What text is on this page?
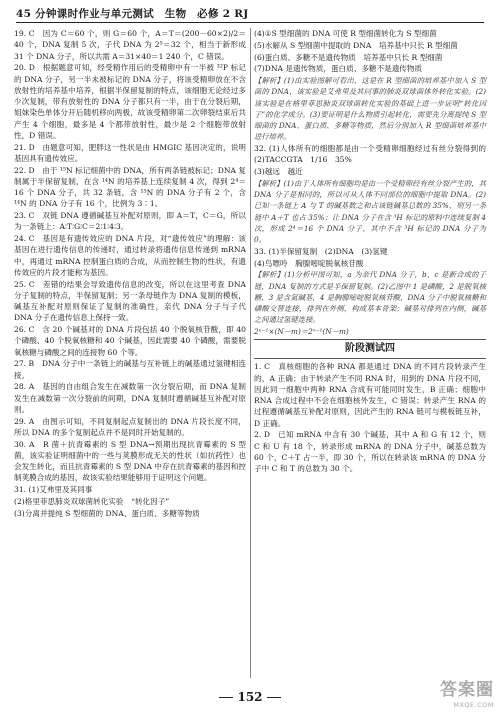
45 分钟课时作业与单元测试　生物　必修 2 RJ

19. C　因为 C＝60 个，则 G＝60 个，A＝T＝(200－60×2)/2＝40 个，DNA 复制 5 次，子代 DNA 为 2⁵＝32 个，相当于新形成 31 个 DNA 分子，所以共需 A＝31×40＝1 240 个，C 错误。

20. D　根据题意可知，经受精作用后的受精卵中有一半被 ³²P 标记的 DNA 分子，另一半未被标记的 DNA 分子，将该受精卵放在不含放射性的培养基中培养，根据半保留复制的特点，该细胞无论经过多少次复制，带有放射性的 DNA 分子都只有一半，由于在分裂后期，姐妹染色单体分开后随机移向两极，故该受精卵第二次卵裂结束后共产生 4 个细胞，最多是 4 个都带放射性，最少是 2 个细胞带放射性，D 错误。

21. D　由题意可知，肥胖这一性状是由 HMGIC 基因决定的，说明基因具有遗传效应。

22. D　由于 ¹⁵N 标记细菌中的 DNA，所有两条链被标记；DNA 复制属于半保留复制，在含 ¹⁴N 的培养基上连续复制 4 次，得到 2⁴＝16 个 DNA 分子，共 32 条链，含 ¹⁵N 的 DNA 分子有 2 个，含 ¹⁴N 的 DNA 分子有 16 个，比例为 3∶1。

23. C　双链 DNA 遵循碱基互补配对原则，即 A＝T，C＝G，所以为一条链上：A∶T∶G∶C＝2∶1∶4∶3。

24. C　基因是有遗传效应的 DNA 片段，对“遗传效应”的理解：该基因在进行遗传信息的传递时，通过转录将遗传信息传递到 mRNA 中，再通过 mRNA 控制蛋白质的合成，从而控制生物的性状，有遗传效应的片段才能称为基因。

25. C　差错的结果会导致遗传信息的改变，所以在这里考查 DNA 分子复制的特点，半保留复制；另一条母链作为 DNA 复制的模板，碱基互补配对原则保证了复制的准确性，亲代 DNA 分子与子代 DNA 分子在遗传信息上保持一致。

26. C　含 20 个碱基对的 DNA 片段包括 40 个脱氧核苷酸，即 40 个磷酸、40 个脱氧核糖和 40 个碱基，因此需要 40 个磷酸，需要脱氧核糖与磷酸之间的连接物 60 个等。

27. B　DNA 分子中一条链上的碱基与互补链上的碱基通过氢键相连接。

28. A　基因的自由组合发生在减数第一次分裂后期，而 DNA 复制发生在减数第一次分裂前的间期，DNA 复制时遵循碱基互补配对原则。

29. A　由图示可知，不同复制起点复制出的 DNA 片段长度不同，所以 DNA 的多个复制起点并不是同时开始复制的。

30. A　R 菌＋抗青霉素的 S 型 DNA→预期出现抗青霉素的 S 型菌，该实验证明细菌中的一些与荚膜形成无关的性状（如抗药性）也会发生转化，而且抗青霉素的 S 型 DNA 中存在抗青霉素的基因和控制荚膜合成的基因，故该实验结果能够用于证明这个问题。

31. (1)艾弗里及其同事

(2)格里菲思肺炎双球菌转化实验　“转化因子”

(3)分离并提纯 S 型细菌的 DNA、蛋白质、多糖等物质

(4)①S 型细菌的 DNA 可使 R 型细菌转化为 S 型细菌

(5)水解从 S 型细菌中提取的 DNA　培养基中只长 R 型细菌

(6)蛋白质、多糖不是遗传物质　培养基中只长 R 型细菌

(7)DNA 是遗传物质，蛋白质、多糖不是遗传物质

【解析】(1)由实验图解可看出，这是在 R 型细菌的培养基中加入 S 型菌的 DNA，该实验是艾弗里及其同事的肺炎双球菌体外转化实验。(2)该实验是在格里菲思肺炎双球菌转化实验的基础上进一步证明“转化因子”的化学成分。(3)要证明是什么物质引起转化，需要先分离提纯 S 型细菌的 DNA、蛋白质、多糖等物质，然后分别加入 R 型细菌培养基中进行培养。

32. (1)人体所有的细胞都是由一个受精卵细胞经过有丝分裂得到的　(2)TACCGTA　1/16　35%

(3)越远　越近

【解析】(1)由于人体所有细胞均是由一个受精卵经有丝分裂产生的，其 DNA 分子是相同的，所以可从人体不同部位的细胞中提取 DNA。(2)已知一条链上 A 与 T 的碱基数之和占该链碱基总数的 35%，则另一条链中 A＋T 也占 35%；让 DNA 分子在含 ³H 标记的原料中连续复制 4 次，形成 2⁴＝16 个 DNA 分子，其中不含 ³H 标记的 DNA 分子为 0。

33. (1)半保留复制　(2)DNA　(3)氢键

(4)鸟嘌呤　胸腺嘧啶脱氧核苷酸

【解析】(1)分析甲图可知，a 为亲代 DNA 分子，b、c 是新合成的子链，DNA 复制的方式是半保留复制。(2)乙图中 1 是磷酸，2 是脱氧核糖，3 是含氮碱基，4 是胸腺嘧啶脱氧核苷酸，DNA 分子中脱氧核糖和磷酸交替连接，排列在外侧，构成基本骨架；碱基对排列在内侧，碱基之间通过氢键连接。

2ⁿ⁻¹×(N－m)＝2ⁿ⁻¹(N－m)

阶段测试四

1. C　真核细胞的各种 RNA 都是通过 DNA 的不同片段转录产生的，A 正确；由于转录产生不同 RNA 时，用到的 DNA 片段不同，因此同一细胞中两种 RNA 合成有可能同时发生，B 正确；细胞中 RNA 合成过程中不会在细胞核外发生，C 错误；转录产生 RNA 的过程遵循碱基互补配对原则，因此产生的 RNA 链可与模板链互补，D 正确。

2. D　已知 mRNA 中含有 30 个碱基，其中 A 和 G 有 12 个，则 C 和 U 有 18 个，转录形成 mRNA 的 DNA 分子中，碱基总数为 60 个，C＋T 占一半，即 30 个，所以在转录该 mRNA 的 DNA 分子中 C 和 T 的总数为 30 个。

152	答案圈
MXQE.COM
